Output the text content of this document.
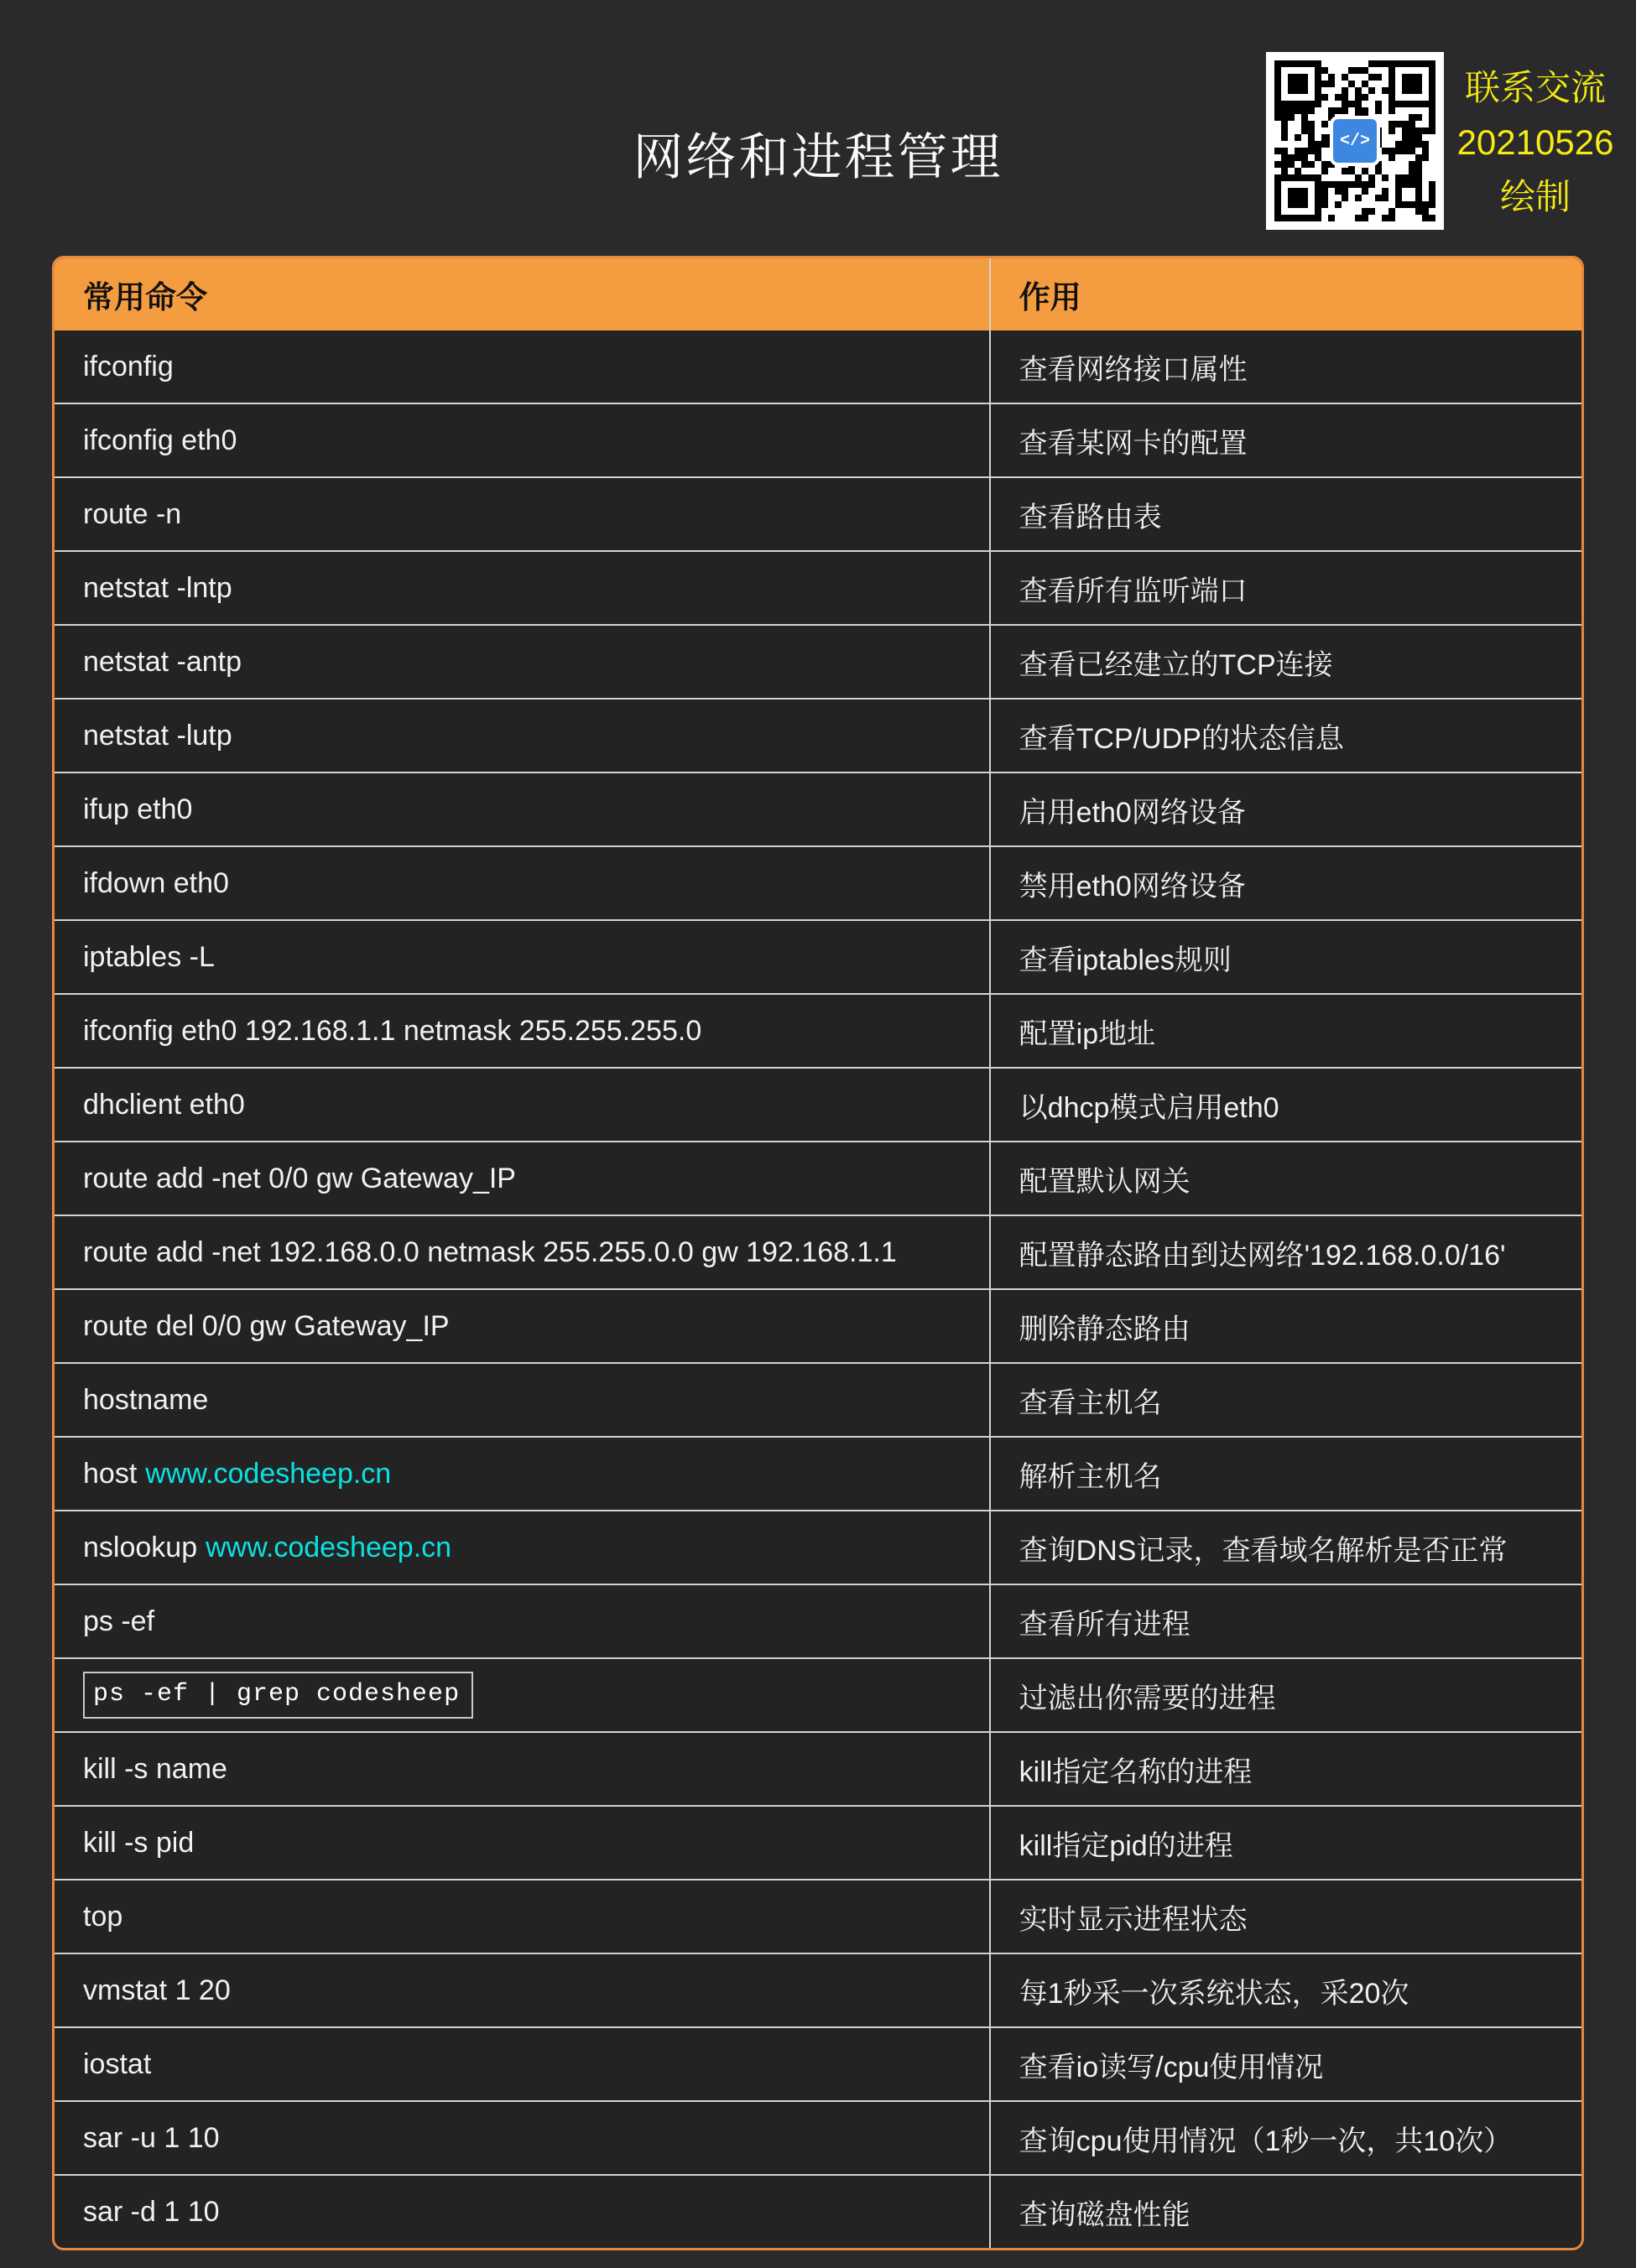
网络和进程管理	</>
联系交流
20210526
绘制
常用命令	作用
ifconfig	查看网络接口属性
ifconfig eth0	查看某网卡的配置
route -n	查看路由表
netstat -lntp	查看所有监听端口
netstat -antp	查看已经建立的TCP连接
netstat -lutp	查看TCP/UDP的状态信息
ifup eth0	启用eth0网络设备
ifdown eth0	禁用eth0网络设备
iptables -L	查看iptables规则
ifconfig eth0 192.168.1.1 netmask 255.255.255.0	配置ip地址
dhclient eth0	以dhcp模式启用eth0
route add -net 0/0 gw Gateway_IP	配置默认网关
route add -net 192.168.0.0 netmask 255.255.0.0 gw 192.168.1.1	配置静态路由到达网络'192.168.0.0/16'
route del 0/0 gw Gateway_IP	删除静态路由
hostname	查看主机名
host www.codesheep.cn	解析主机名
nslookup www.codesheep.cn	查询DNS记录，查看域名解析是否正常
ps -ef	查看所有进程
ps -ef | grep codesheep	过滤出你需要的进程
kill -s name	kill指定名称的进程
kill -s pid	kill指定pid的进程
top	实时显示进程状态
vmstat 1 20	每1秒采一次系统状态，采20次
iostat	查看io读写/cpu使用情况
sar -u 1 10	查询cpu使用情况（1秒一次，共10次）
sar -d 1 10	查询磁盘性能
